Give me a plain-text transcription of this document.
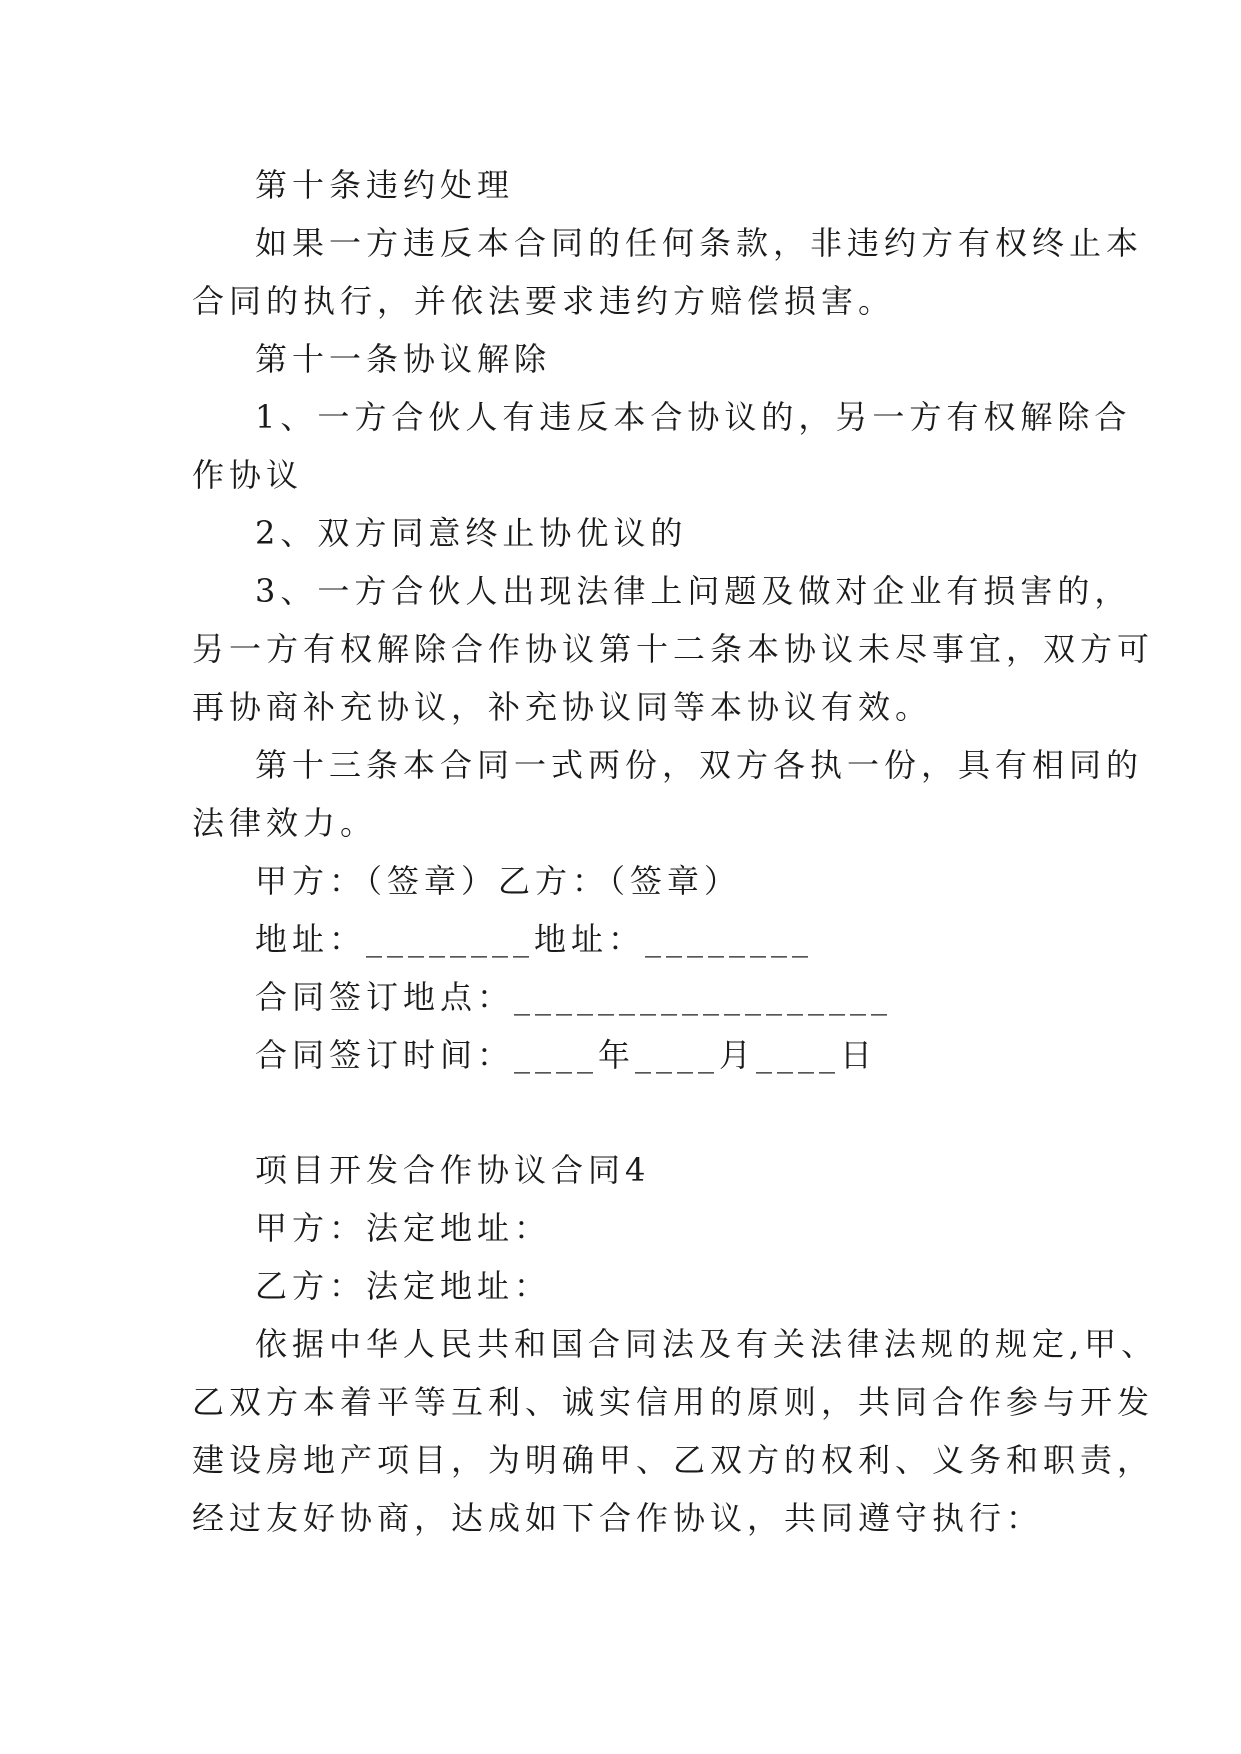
第十条违约处理
如果一方违反本合同的任何条款，非违约方有权终止本
合同的执行，并依法要求违约方赔偿损害。
第十一条协议解除
1、一方合伙人有违反本合协议的，另一方有权解除合
作协议
2、双方同意终止协优议的
3、一方合伙人出现法律上问题及做对企业有损害的，
另一方有权解除合作协议第十二条本协议未尽事宜，双方可
再协商补充协议，补充协议同等本协议有效。
第十三条本合同一式两份，双方各执一份，具有相同的
法律效力。
甲方：（签章）乙方：（签章）
地址：________地址：________
合同签订地点：__________________
合同签订时间：____年____月____日
项目开发合作协议合同4
甲方：法定地址：
乙方：法定地址：
依据中华人民共和国合同法及有关法律法规的规定,甲、
乙双方本着平等互利、诚实信用的原则，共同合作参与开发
建设房地产项目，为明确甲、乙双方的权利、义务和职责，
经过友好协商，达成如下合作协议，共同遵守执行：
